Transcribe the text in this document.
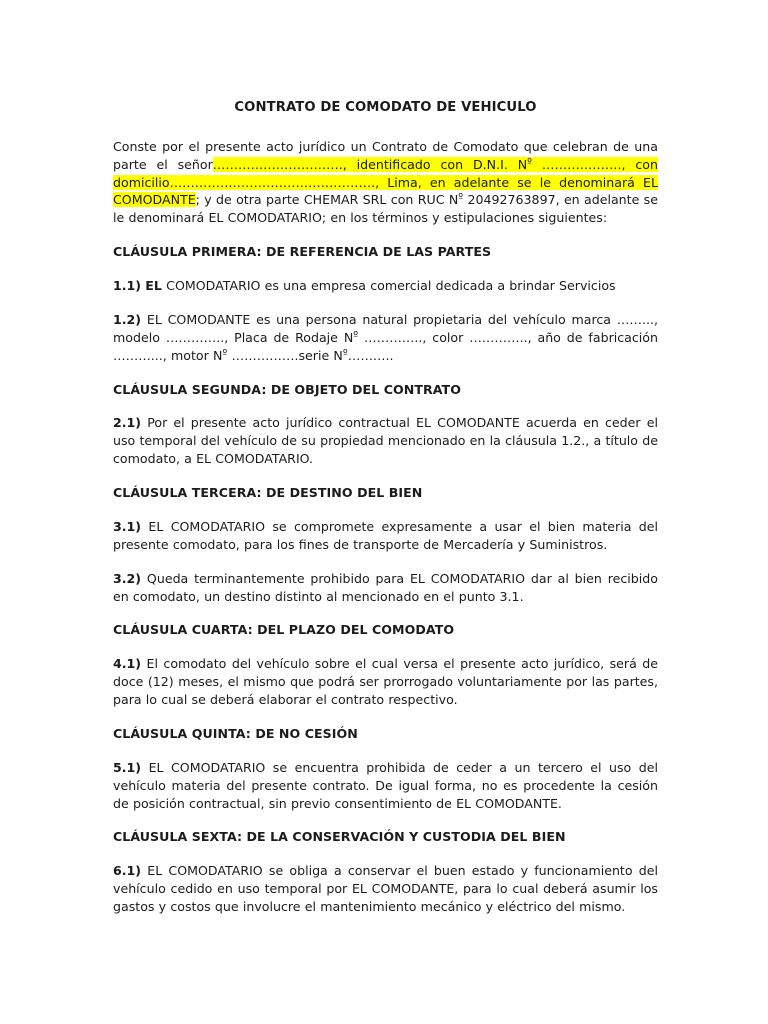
CONTRATO DE COMODATO DE VEHICULO

Conste por el presente acto jurídico un Contrato de Comodato que celebran de una parte el señor…………………………., identificado con D.N.I. $N^º$ ………………., con domicilio…………………………………………., Lima, en adelante se le denominará EL COMODANTE; y de otra parte CHEMAR SRL con RUC $N^º$ 20492763897, en adelante se le denominará EL COMODATARIO; en los términos y estipulaciones siguientes:

CLÁUSULA PRIMERA: DE REFERENCIA DE LAS PARTES

1.1) EL COMODATARIO es una empresa comercial dedicada a brindar Servicios

1.2) EL COMODANTE es una persona natural propietaria del vehículo marca ……..., modelo ………….., Placa de Rodaje $N^º$ ………….., color ………….., año de fabricación ………..., motor $N^º$ …………….serie $N^º\dots\dots\dots$..

CLÁUSULA SEGUNDA: DE OBJETO DEL CONTRATO

2.1) Por el presente acto jurídico contractual EL COMODANTE acuerda en ceder el uso temporal del vehículo de su propiedad mencionado en la cláusula 1.2., a título de comodato, a EL COMODATARIO.

CLÁUSULA TERCERA: DE DESTINO DEL BIEN

3.1) EL COMODATARIO se compromete expresamente a usar el bien materia del presente comodato, para los fines de transporte de Mercadería y Suministros.

3.2) Queda terminantemente prohibido para EL COMODATARIO dar al bien recibido en comodato, un destino distinto al mencionado en el punto 3.1.

CLÁUSULA CUARTA: DEL PLAZO DEL COMODATO

4.1) El comodato del vehículo sobre el cual versa el presente acto jurídico, será de doce (12) meses, el mismo que podrá ser prorrogado voluntariamente por las partes, para lo cual se deberá elaborar el contrato respectivo.

CLÁUSULA QUINTA: DE NO CESIÓN

5.1) EL COMODATARIO se encuentra prohibida de ceder a un tercero el uso del vehículo materia del presente contrato. De igual forma, no es procedente la cesión de posición contractual, sin previo consentimiento de EL COMODANTE.

CLÁUSULA SEXTA: DE LA CONSERVACIÓN Y CUSTODIA DEL BIEN

6.1) EL COMODATARIO se obliga a conservar el buen estado y funcionamiento del vehículo cedido en uso temporal por EL COMODANTE, para lo cual deberá asumir los gastos y costos que involucre el mantenimiento mecánico y eléctrico del mismo.
